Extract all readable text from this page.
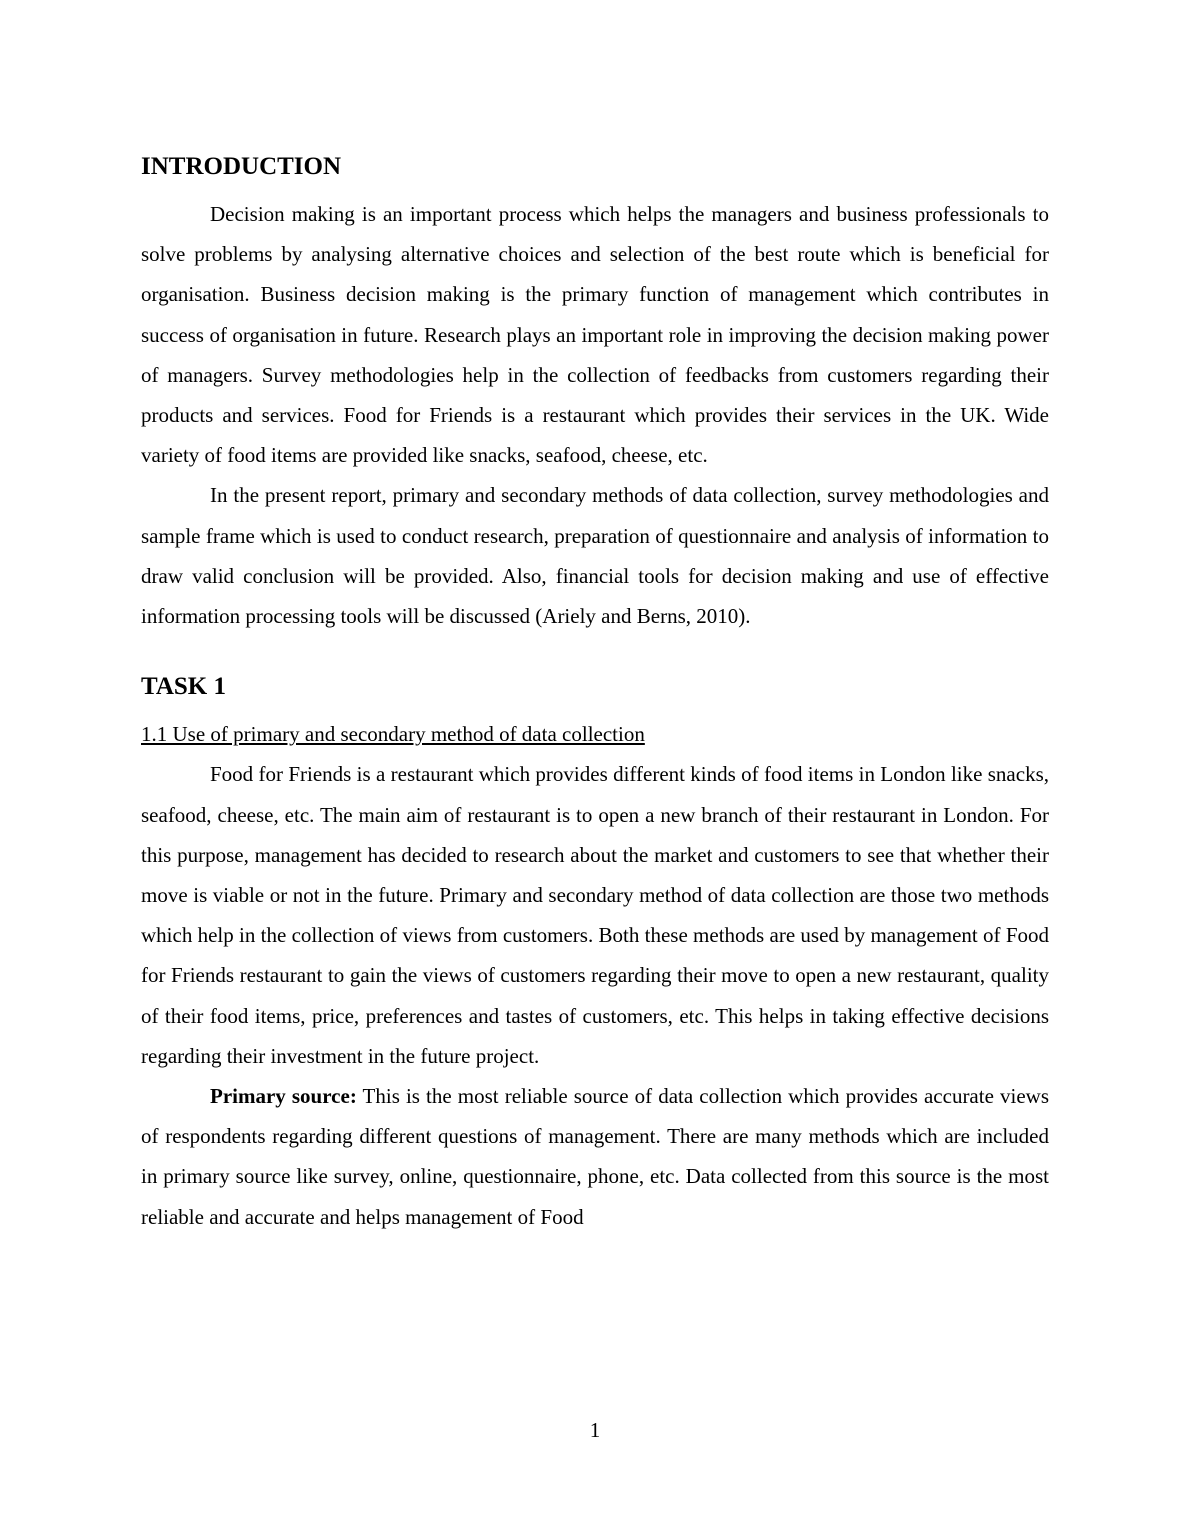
INTRODUCTION

Decision making is an important process which helps the managers and business professionals to solve problems by analysing alternative choices and selection of the best route which is beneficial for organisation. Business decision making is the primary function of management which contributes in success of organisation in future. Research plays an important role in improving the decision making power of managers. Survey methodologies help in the collection of feedbacks from customers regarding their products and services. Food for Friends is a restaurant which provides their services in the UK. Wide variety of food items are provided like snacks, seafood, cheese, etc.

In the present report, primary and secondary methods of data collection, survey methodologies and sample frame which is used to conduct research, preparation of questionnaire and analysis of information to draw valid conclusion will be provided. Also, financial tools for decision making and use of effective information processing tools will be discussed (Ariely and Berns, 2010).

TASK 1

1.1 Use of primary and secondary method of data collection

Food for Friends is a restaurant which provides different kinds of food items in London like snacks, seafood, cheese, etc. The main aim of restaurant is to open a new branch of their restaurant in London. For this purpose, management has decided to research about the market and customers to see that whether their move is viable or not in the future. Primary and secondary method of data collection are those two methods which help in the collection of views from customers. Both these methods are used by management of Food for Friends restaurant to gain the views of customers regarding their move to open a new restaurant, quality of their food items, price, preferences and tastes of customers, etc. This helps in taking effective decisions regarding their investment in the future project.

Primary source: This is the most reliable source of data collection which provides accurate views of respondents regarding different questions of management. There are many methods which are included in primary source like survey, online, questionnaire, phone, etc. Data collected from this source is the most reliable and accurate and helps management of Food

1
